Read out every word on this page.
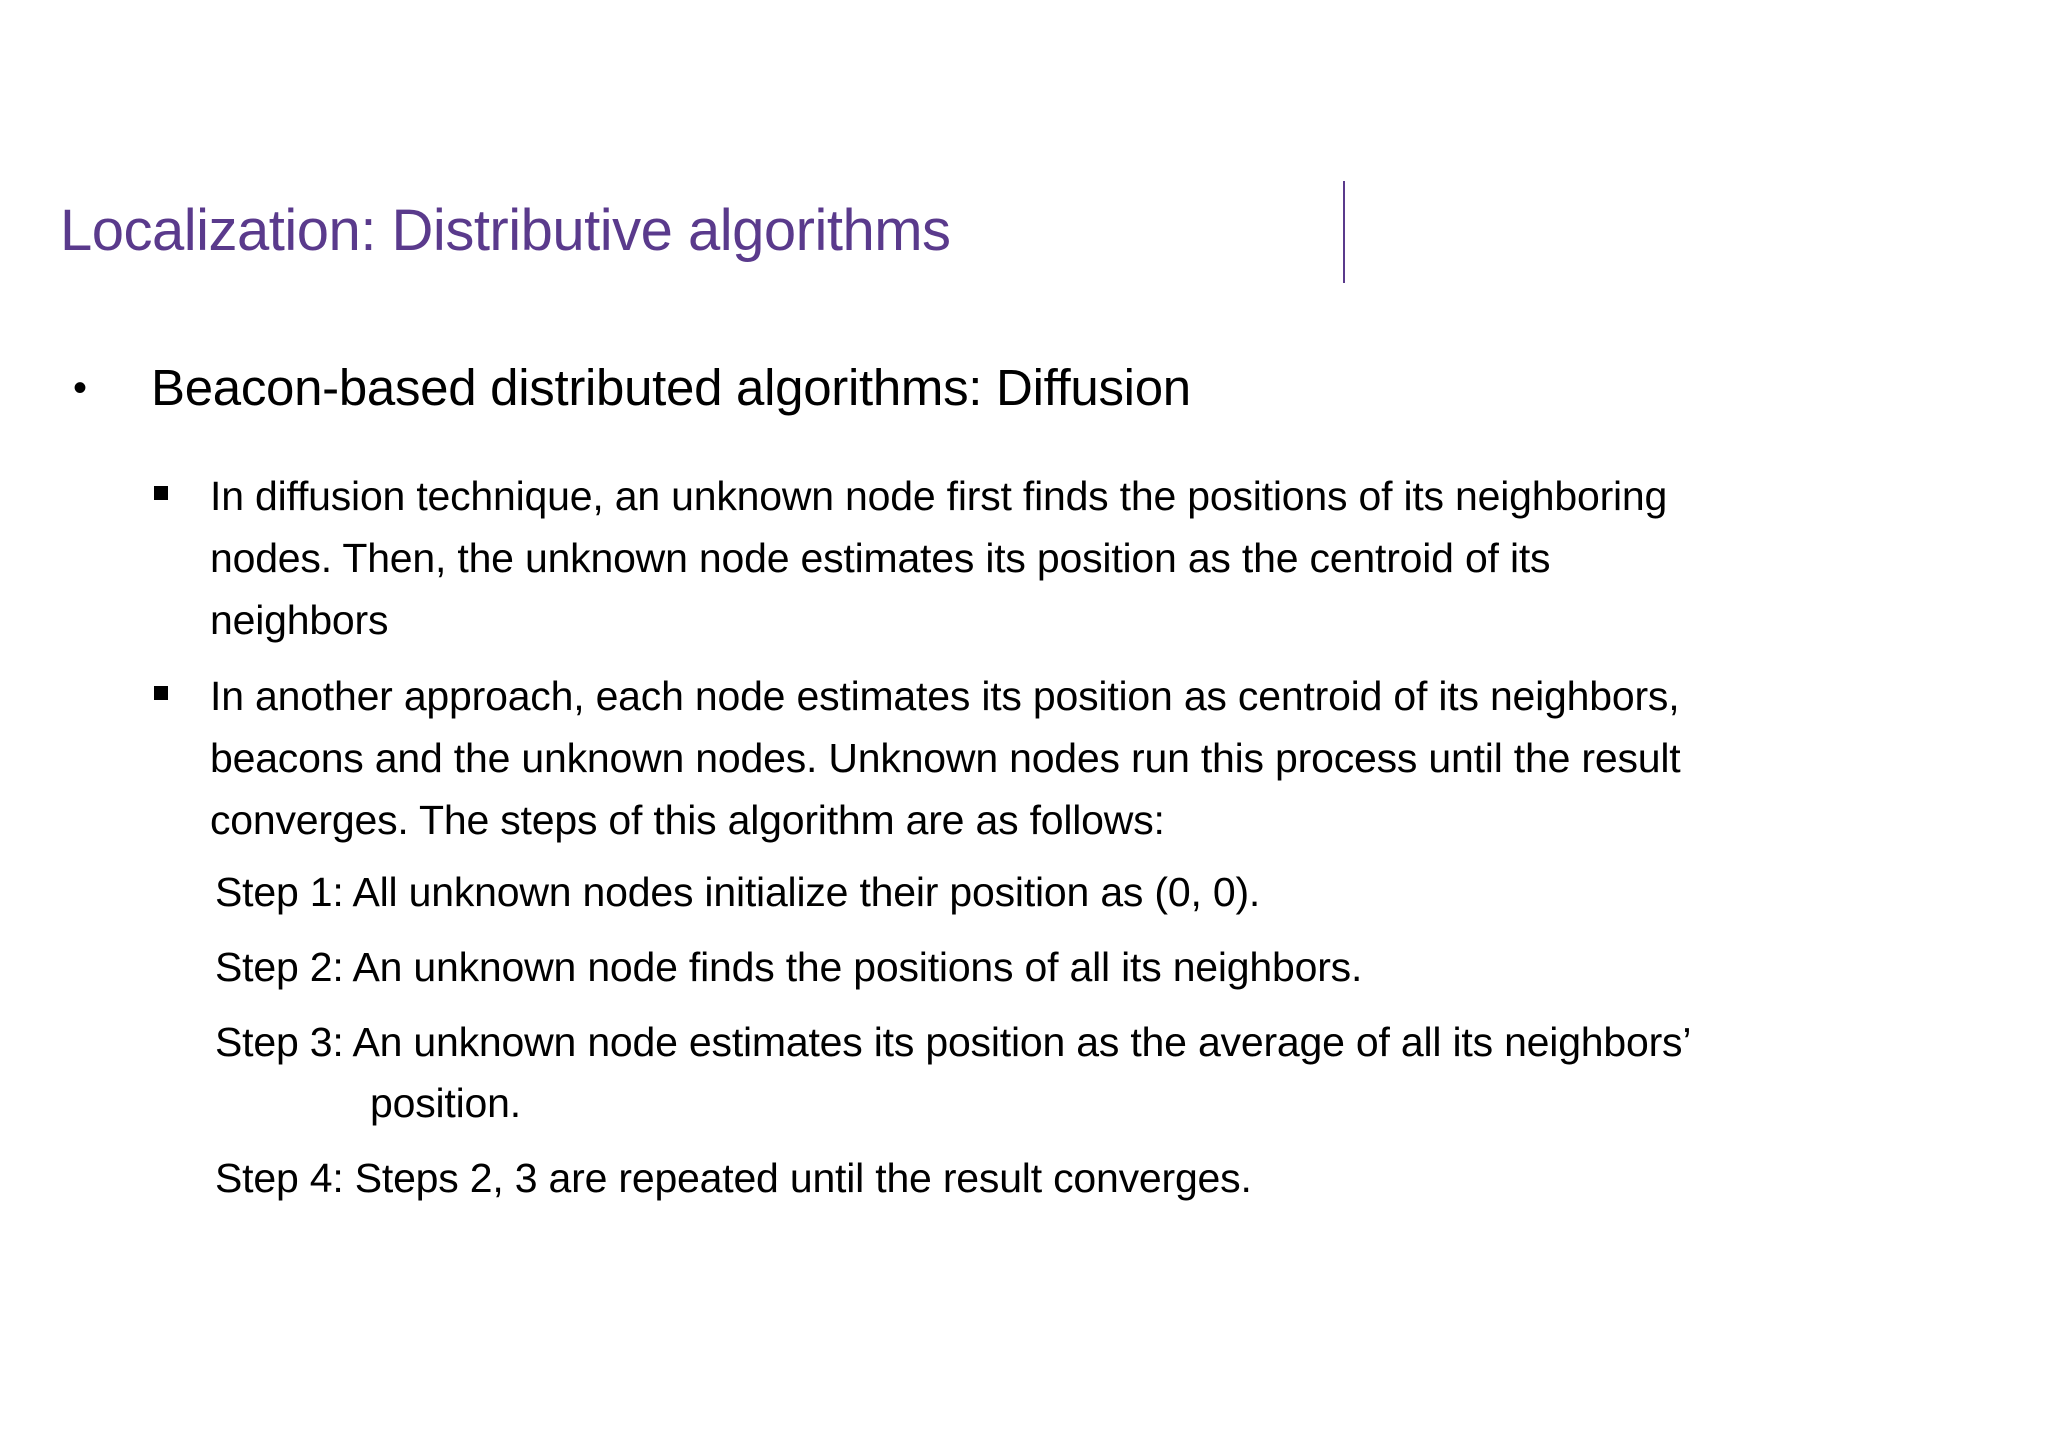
Localization: Distributive algorithms
• Beacon-based distributed algorithms: Diffusion
In diffusion technique, an unknown node first finds the positions of its neighboring
nodes. Then, the unknown node estimates its position as the centroid of its
neighbors
In another approach, each node estimates its position as centroid of its neighbors,
beacons and the unknown nodes. Unknown nodes run this process until the result
converges. The steps of this algorithm are as follows:
Step 1: All unknown nodes initialize their position as (0, 0).
Step 2: An unknown node finds the positions of all its neighbors.
Step 3: An unknown node estimates its position as the average of all its neighbors’
position.
Step 4: Steps 2, 3 are repeated until the result converges.
